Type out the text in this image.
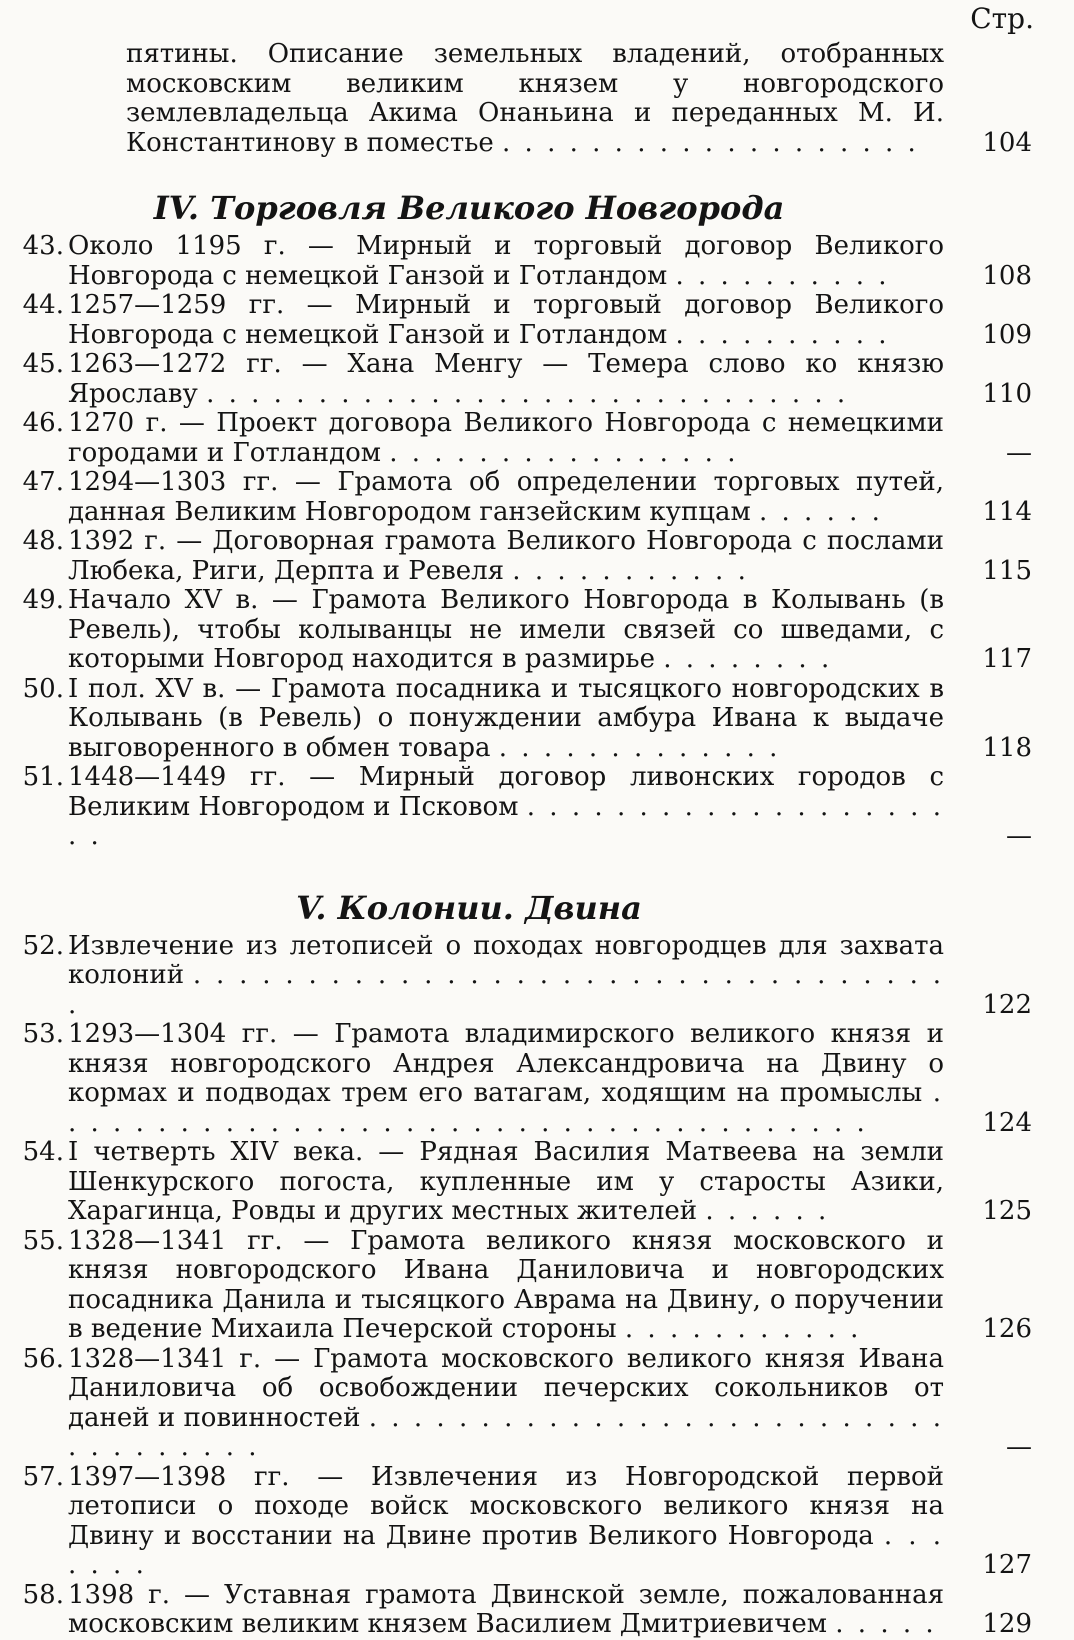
Стр.
пятины. Описание земельных владений, отобранных московским великим князем у новгородского землевладельца Акима Онаньина и переданных М. И. Константинову в поместье . . . . . . . . . . . . . . . . . . .	104
IV. Торговля Великого Новгорода
43. Около 1195 г. — Мирный и торговый договор Великого Новгорода с немецкой Ганзой и Готландом . . . . . . . . . .	108
44. 1257—1259 гг. — Мирный и торговый договор Великого Новгорода с немецкой Ганзой и Готландом . . . . . . . . . .	109
45. 1263—1272 гг. — Хана Менгу — Темера слово ко князю Ярославу . . . . . . . . . . . . . . . . . . . . . . . . . . . . .	110
46. 1270 г. — Проект договора Великого Новгорода с немецкими городами и Готландом . . . . . . . . . . . . . . . .	—
47. 1294—1303 гг. — Грамота об определении торговых путей, данная Великим Новгородом ганзейским купцам . . . . . .	114
48. 1392 г. — Договорная грамота Великого Новгорода с послами Любека, Риги, Дерпта и Ревеля . . . . . . . . . . .	115
49. Начало XV в. — Грамота Великого Новгорода в Колывань (в Ревель), чтобы колыванцы не имели связей со шведами, с которыми Новгород находится в размирье . . . . . . . .	117
50. I пол. XV в. — Грамота посадника и тысяцкого новгородских в Колывань (в Ревель) о понуждении амбура Ивана к выдаче выговоренного в обмен товара . . . . . . . . . . . . .	118
51. 1448—1449 гг. — Мирный договор ливонских городов с Великим Новгородом и Псковом . . . . . . . . . . . . . . . . . . . . .	—
V. Колонии. Двина
52. Извлечение из летописей о походах новгородцев для захвата колоний . . . . . . . . . . . . . . . . . . . . . . . . . . . . . . . . . .	122
53. 1293—1304 гг. — Грамота владимирского великого князя и князя новгородского Андрея Александровича на Двину о кормах и подводах трем его ватагам, ходящим на промыслы . . . . . . . . . . . . . . . . . . . . . . . . . . . . . . . . . . . . .	124
54. I четверть XIV века. — Рядная Василия Матвеева на земли Шенкурского погоста, купленные им у старосты Азики, Харагинца, Ровды и других местных жителей . . . . . .	125
55. 1328—1341 гг. — Грамота великого князя московского и князя новгородского Ивана Даниловича и новгородских посадника Данила и тысяцкого Аврама на Двину, о поручении в ведение Михаила Печерской стороны . . . . . . . . . . .	126
56. 1328—1341 г. — Грамота московского великого князя Ивана Даниловича об освобождении печерских сокольников от даней и повинностей . . . . . . . . . . . . . . . . . . . . . . . . . . . . . . . . . . .	—
57. 1397—1398 гг. — Извлечения из Новгородской первой летописи о походе войск московского великого князя на Двину и восстании на Двине против Великого Новгорода . . . . . . .	127
58. 1398 г. — Уставная грамота Двинской земле, пожалованная московским великим князем Василием Дмитриевичем . . . . .	129
